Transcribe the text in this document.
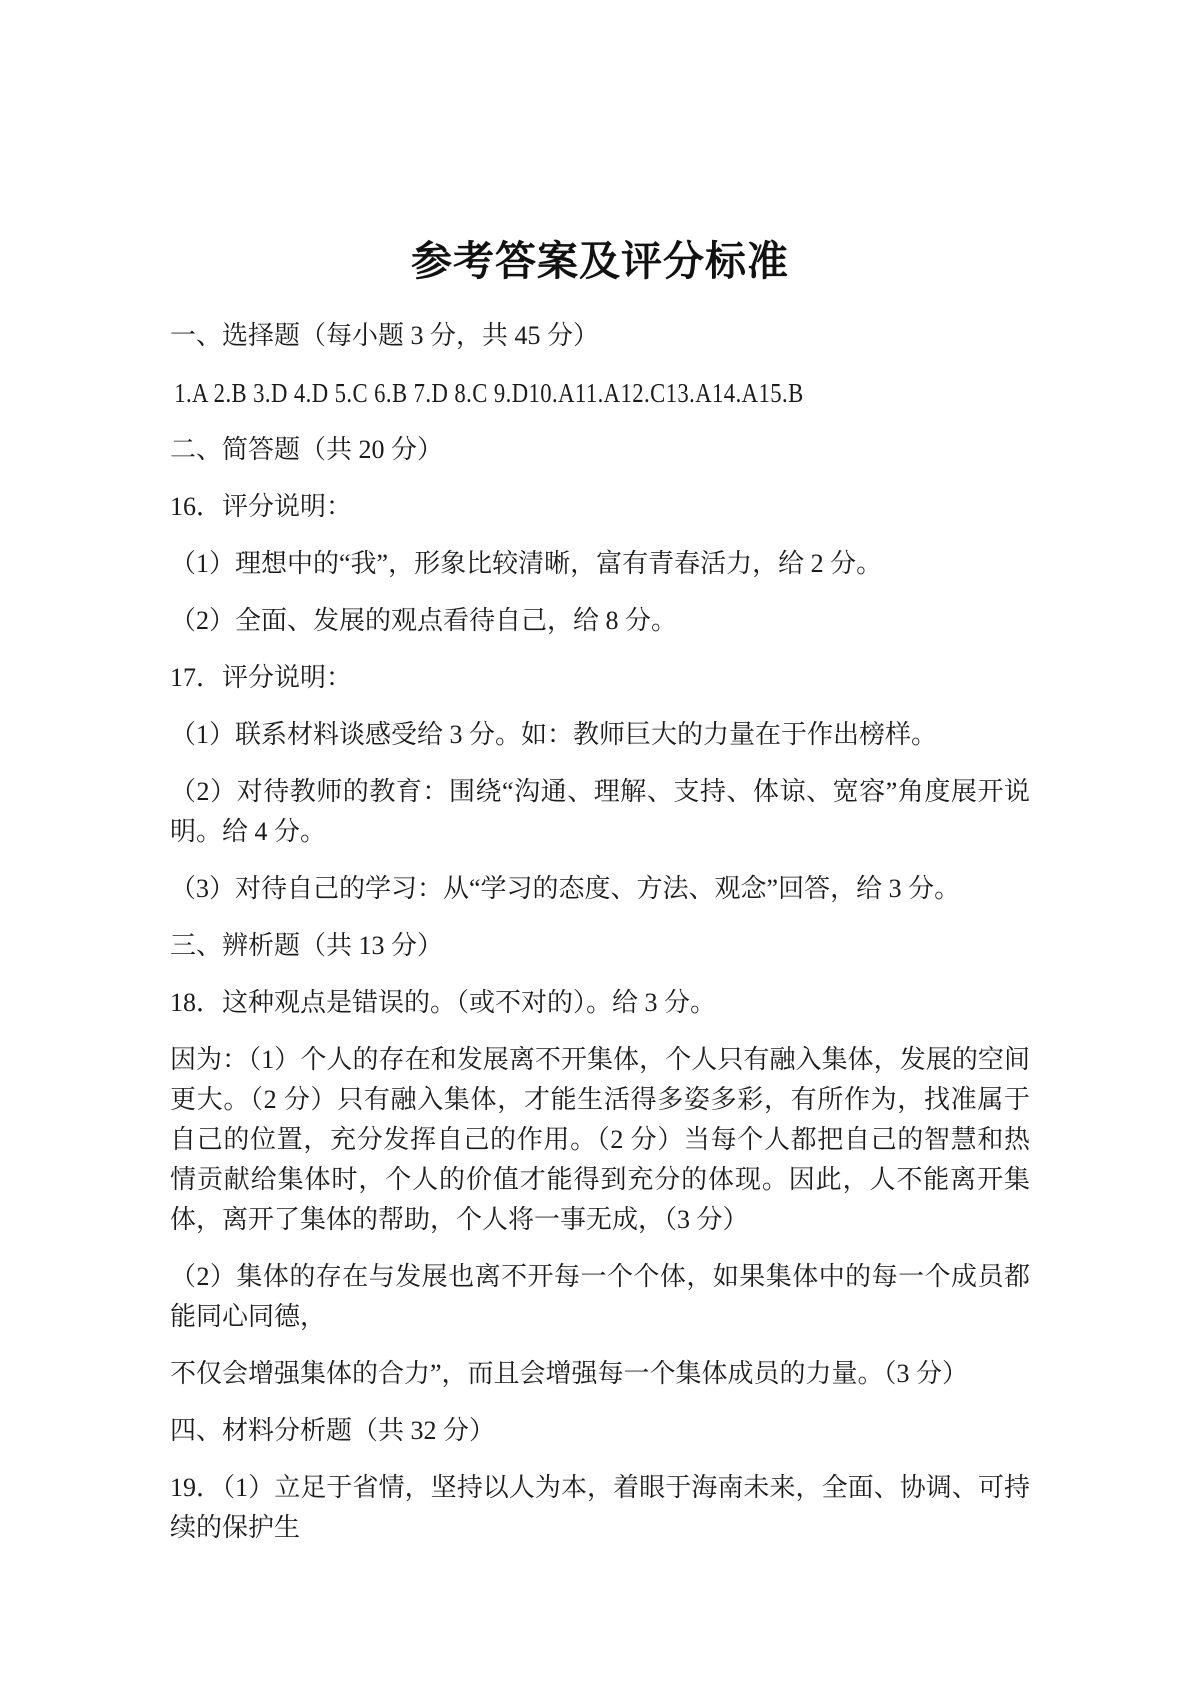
参考答案及评分标准

一、选择题（每小题 3 分，共 45 分）

1.A 2.B 3.D 4.D 5.C 6.B 7.D 8.C 9.D10.A11.A12.C13.A14.A15.B

二、简答题（共 20 分）

16．评分说明：

（1）理想中的“我”，形象比较清晰，富有青春活力，给 2 分。

（2）全面、发展的观点看待自己，给 8 分。

17．评分说明：

（1）联系材料谈感受给 3 分。如：教师巨大的力量在于作出榜样。

（2）对待教师的教育：围绕“沟通、理解、支持、体谅、宽容”角度展开说明。给 4 分。

（3）对待自己的学习：从“学习的态度、方法、观念”回答，给 3 分。

三、辨析题（共 13 分）

18．这种观点是错误的。（或不对的）。给 3 分。

因为：（1）个人的存在和发展离不开集体，个人只有融入集体，发展的空间更大。（2 分）只有融入集体，才能生活得多姿多彩，有所作为，找准属于自己的位置，充分发挥自己的作用。（2 分）当每个人都把自己的智慧和热情贡献给集体时，个人的价值才能得到充分的体现。因此，人不能离开集体，离开了集体的帮助，个人将一事无成，（3 分）

（2）集体的存在与发展也离不开每一个个体，如果集体中的每一个成员都能同心同德，

不仅会增强集体的合力”，而且会增强每一个集体成员的力量。（3 分）

四、材料分析题（共 32 分）

19．（1）立足于省情，坚持以人为本，着眼于海南未来，全面、协调、可持续的保护生
